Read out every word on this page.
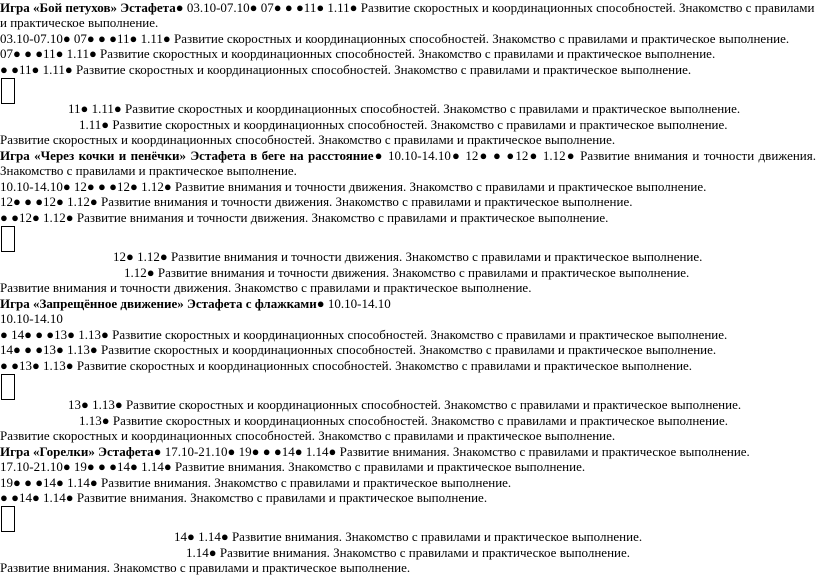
Игра «Бой петухов» Эстафета● 03.10-07.10● 07● ● ●11● 1.11● Развитие скоростных и координационных способностей. Знакомство с правилами
и практическое выполнение.
03.10-07.10● 07● ● ●11● 1.11● Развитие скоростных и координационных способностей. Знакомство с правилами и практическое выполнение.
07● ● ●11● 1.11● Развитие скоростных и координационных способностей. Знакомство с правилами и практическое выполнение.
● ●11● 1.11● Развитие скоростных и координационных способностей. Знакомство с правилами и практическое выполнение.
11● 1.11● Развитие скоростных и координационных способностей. Знакомство с правилами и практическое выполнение.
1.11● Развитие скоростных и координационных способностей. Знакомство с правилами и практическое выполнение.
Развитие скоростных и координационных способностей. Знакомство с правилами и практическое выполнение.
Игра «Через кочки и пенёчки» Эстафета в беге на расстояние● 10.10-14.10● 12● ● ●12● 1.12● Развитие внимания и точности движения.
Знакомство с правилами и практическое выполнение.
10.10-14.10● 12● ● ●12● 1.12● Развитие внимания и точности движения. Знакомство с правилами и практическое выполнение.
12● ● ●12● 1.12● Развитие внимания и точности движения. Знакомство с правилами и практическое выполнение.
● ●12● 1.12● Развитие внимания и точности движения. Знакомство с правилами и практическое выполнение.
12● 1.12● Развитие внимания и точности движения. Знакомство с правилами и практическое выполнение.
1.12● Развитие внимания и точности движения. Знакомство с правилами и практическое выполнение.
Развитие внимания и точности движения. Знакомство с правилами и практическое выполнение.
Игра «Запрещённое движение» Эстафета с флажками● 10.10-14.10
10.10-14.10
● 14● ● ●13● 1.13● Развитие скоростных и координационных способностей. Знакомство с правилами и практическое выполнение.
14● ● ●13● 1.13● Развитие скоростных и координационных способностей. Знакомство с правилами и практическое выполнение.
● ●13● 1.13● Развитие скоростных и координационных способностей. Знакомство с правилами и практическое выполнение.
13● 1.13● Развитие скоростных и координационных способностей. Знакомство с правилами и практическое выполнение.
1.13● Развитие скоростных и координационных способностей. Знакомство с правилами и практическое выполнение.
Развитие скоростных и координационных способностей. Знакомство с правилами и практическое выполнение.
Игра «Горелки» Эстафета● 17.10-21.10● 19● ● ●14● 1.14● Развитие внимания. Знакомство с правилами и практическое выполнение.
17.10-21.10● 19● ● ●14● 1.14● Развитие внимания. Знакомство с правилами и практическое выполнение.
19● ● ●14● 1.14● Развитие внимания. Знакомство с правилами и практическое выполнение.
● ●14● 1.14● Развитие внимания. Знакомство с правилами и практическое выполнение.
14● 1.14● Развитие внимания. Знакомство с правилами и практическое выполнение.
1.14● Развитие внимания. Знакомство с правилами и практическое выполнение.
Развитие внимания. Знакомство с правилами и практическое выполнение.
